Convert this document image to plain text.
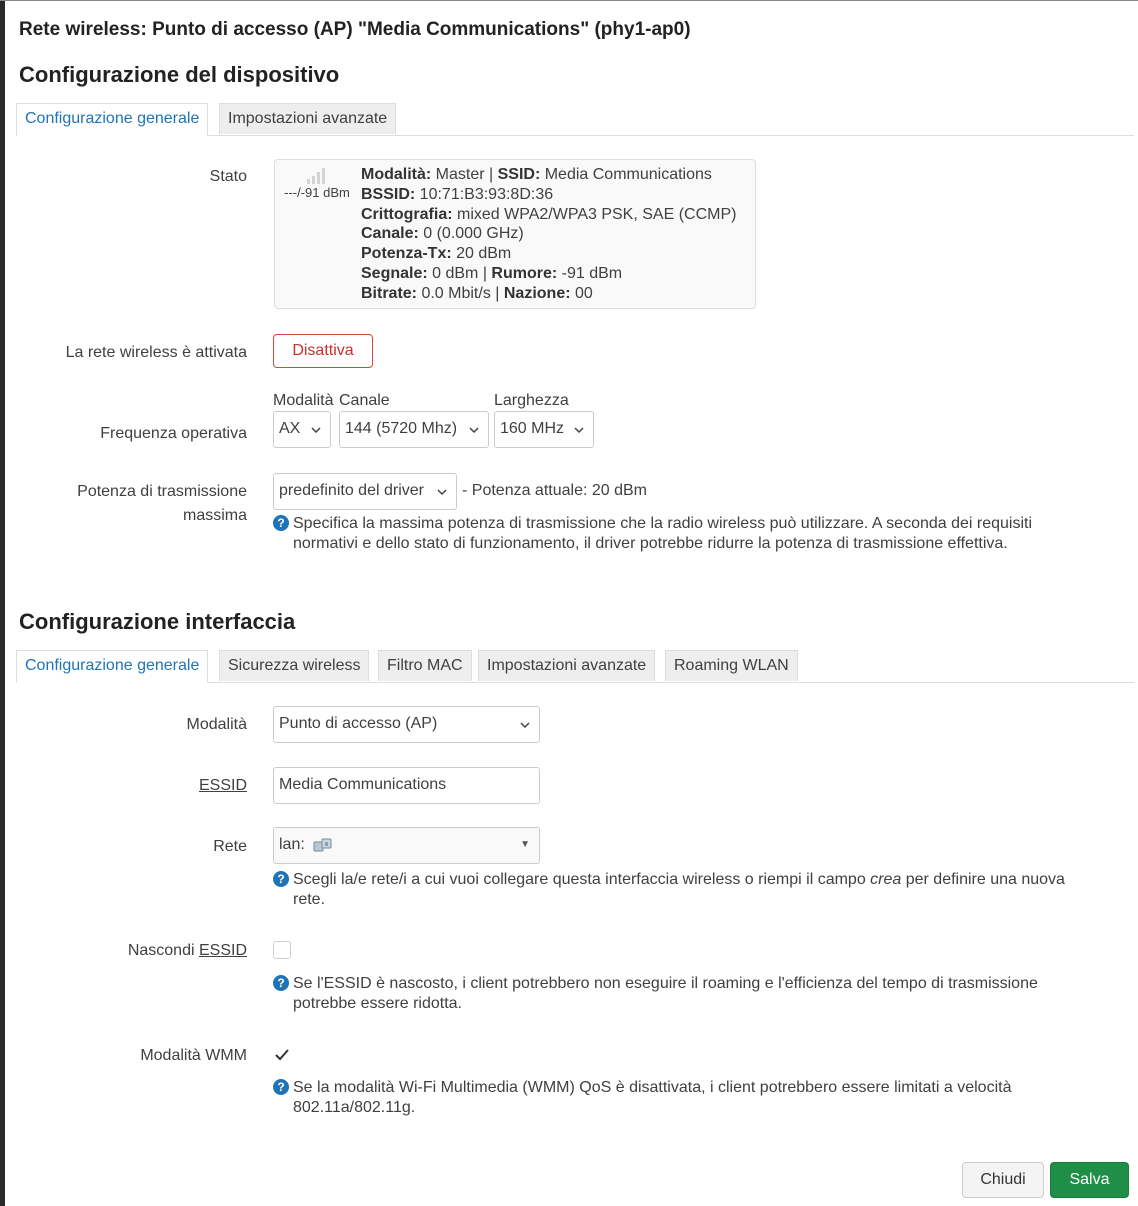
Rete wireless: Punto di accesso (AP) "Media Communications" (phy1-ap0)
Configurazione del dispositivo
Configurazione generale	Impostazioni avanzate
Stato
---/-91 dBm
Modalità: Master | SSID: Media Communications
BSSID: 10:71:B3:93:8D:36
Crittografia: mixed WPA2/WPA3 PSK, SAE (CCMP)
Canale: 0 (0.000 GHz)
Potenza-Tx: 20 dBm
Segnale: 0 dBm | Rumore: -91 dBm
Bitrate: 0.0 Mbit/s | Nazione: 00
La rete wireless è attivata	Disattiva
Modalità Canale	Larghezza
Frequenza operativa	AX	144 (5720 Mhz)	160 MHz
Potenza di trasmissione
massima
predefinito del driver	- Potenza attuale: 20 dBm
? Specifica la massima potenza di trasmissione che la radio wireless può utilizzare. A seconda dei requisiti
normativi e dello stato di funzionamento, il driver potrebbe ridurre la potenza di trasmissione effettiva.
Configurazione interfaccia
Configurazione generale	Sicurezza wireless	Filtro MAC	Impostazioni avanzate	Roaming WLAN
Modalità	Punto di accesso (AP)
ESSID	Media Communications
Rete	lan:	▼
? Scegli la/e rete/i a cui vuoi collegare questa interfaccia wireless o riempi il campo crea per definire una nuova
rete.
Nascondi ESSID
? Se l'ESSID è nascosto, i client potrebbero non eseguire il roaming e l'efficienza del tempo di trasmissione
potrebbe essere ridotta.
Modalità WMM
? Se la modalità Wi-Fi Multimedia (WMM) QoS è disattivata, i client potrebbero essere limitati a velocità
802.11a/802.11g.
Chiudi	Salva
